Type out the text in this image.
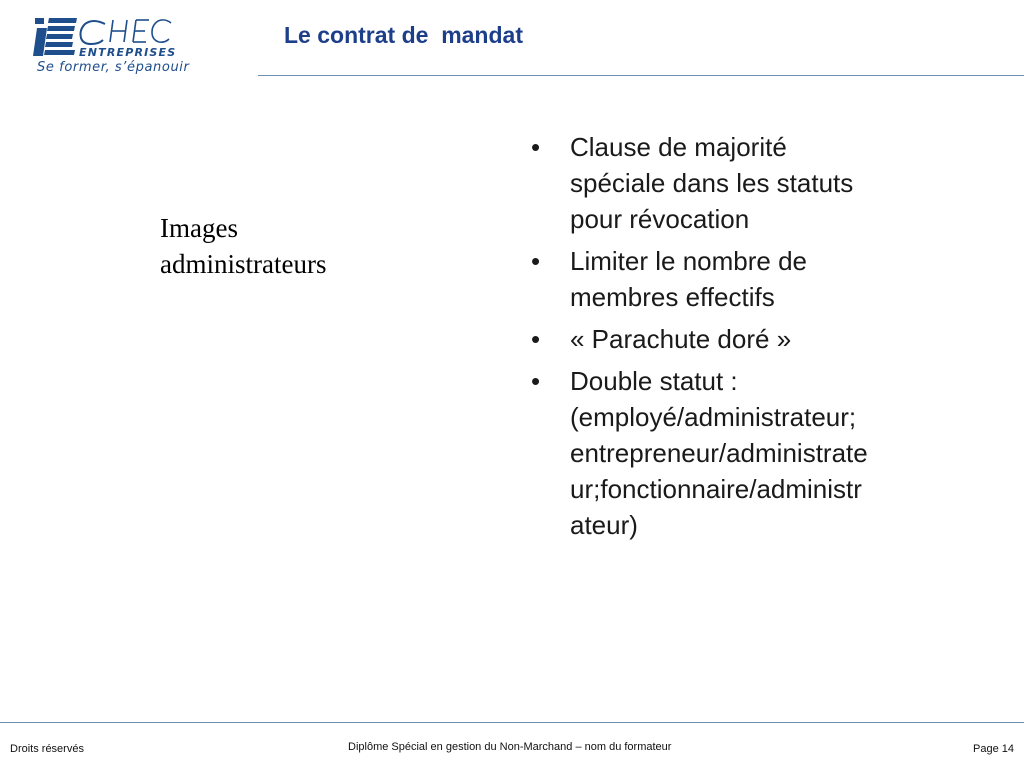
ENTREPRISES
Se former, s’épanouir
Le contrat de  mandat
Images
administrateurs
• Clause de majorité
spéciale dans les statuts
pour révocation
• Limiter le nombre de
membres effectifs
• « Parachute doré »
• Double statut :
(employé/administrateur;
entrepreneur/administrate
ur;fonctionnaire/administr
ateur)
Droits réservés	Diplôme Spécial en gestion du Non-Marchand – nom du formateur	Page 14
